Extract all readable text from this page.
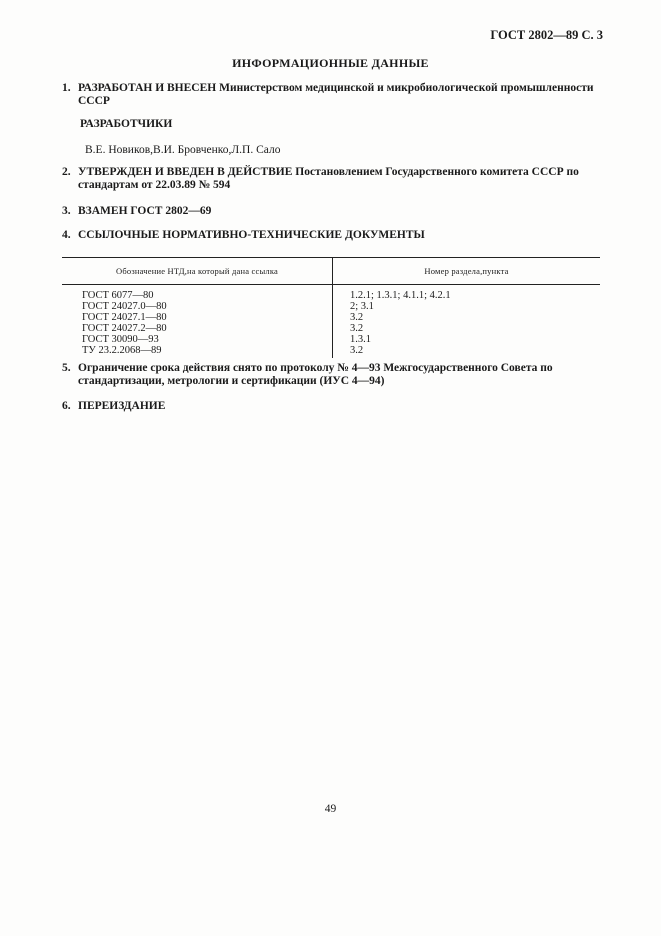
ГОСТ 2802—89 С. 3
ИНФОРМАЦИОННЫЕ ДАННЫЕ
1. РАЗРАБОТАН И ВНЕСЕН Министерством медицинской и микробиологической промышленности
СССР
РАЗРАБОТЧИКИ
В.Е. Новиков,В.И. Бровченко,Л.П. Сало
2. УТВЕРЖДЕН И ВВЕДЕН В ДЕЙСТВИЕ Постановлением Государственного комитета СССР по
стандартам от 22.03.89 № 594
3. ВЗАМЕН ГОСТ 2802—69
4. ССЫЛОЧНЫЕ НОРМАТИВНО-ТЕХНИЧЕСКИЕ ДОКУМЕНТЫ
Обозначение НТД,на который дана ссылка	Номер раздела,пункта
ГОСТ 6077—80	1.2.1; 1.3.1; 4.1.1; 4.2.1
ГОСТ 24027.0—80	2; 3.1
ГОСТ 24027.1—80	3.2
ГОСТ 24027.2—80	3.2
ГОСТ 30090—93	1.3.1
ТУ 23.2.2068—89	3.2
5. Ограничение срока действия снято по протоколу № 4—93 Межгосударственного Совета по
стандартизации, метрологии и сертификации (ИУС 4—94)
6. ПЕРЕИЗДАНИЕ
49
